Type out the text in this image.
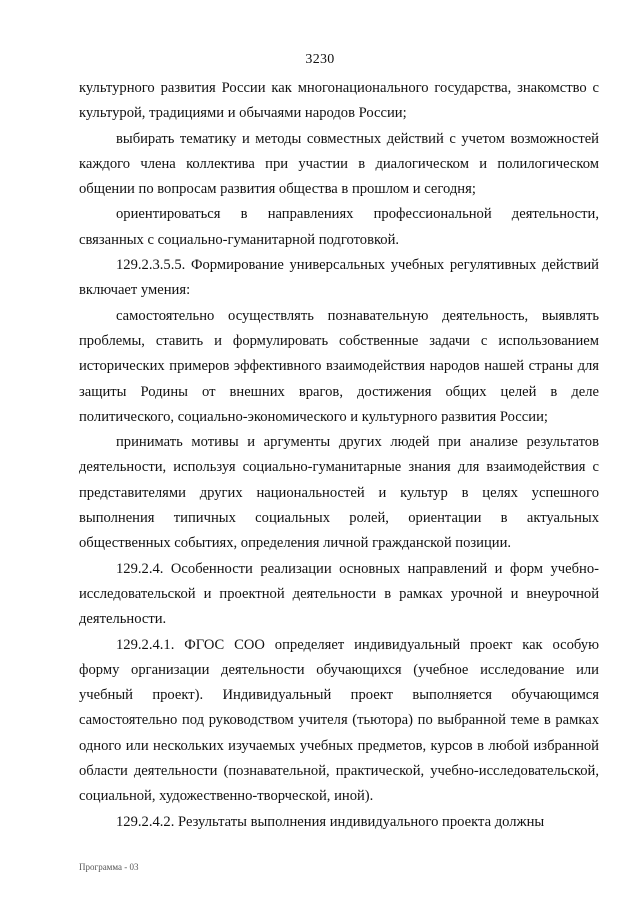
3230

культурного развития России как многонационального государства, знакомство с культурой, традициями и обычаями народов России;

выбирать тематику и методы совместных действий с учетом возможностей каждого члена коллектива при участии в диалогическом и полилогическом общении по вопросам развития общества в прошлом и сегодня;

ориентироваться в направлениях профессиональной деятельности, связанных с социально-гуманитарной подготовкой.

129.2.3.5.5. Формирование универсальных учебных регулятивных действий включает умения:

самостоятельно осуществлять познавательную деятельность, выявлять проблемы, ставить и формулировать собственные задачи с использованием исторических примеров эффективного взаимодействия народов нашей страны для защиты Родины от внешних врагов, достижения общих целей в деле политического, социально-экономического и культурного развития России;

принимать мотивы и аргументы других людей при анализе результатов деятельности, используя социально-гуманитарные знания для взаимодействия с представителями других национальностей и культур в целях успешного выполнения типичных социальных ролей, ориентации в актуальных общественных событиях, определения личной гражданской позиции.

129.2.4. Особенности реализации основных направлений и форм учебно-исследовательской и проектной деятельности в рамках урочной и внеурочной деятельности.

129.2.4.1. ФГОС СОО определяет индивидуальный проект как особую форму организации деятельности обучающихся (учебное исследование или учебный проект). Индивидуальный проект выполняется обучающимся самостоятельно под руководством учителя (тьютора) по выбранной теме в рамках одного или нескольких изучаемых учебных предметов, курсов в любой избранной области деятельности (познавательной, практической, учебно-исследовательской, социальной, художественно-творческой, иной).

129.2.4.2. Результаты выполнения индивидуального проекта должны

Программа - 03
